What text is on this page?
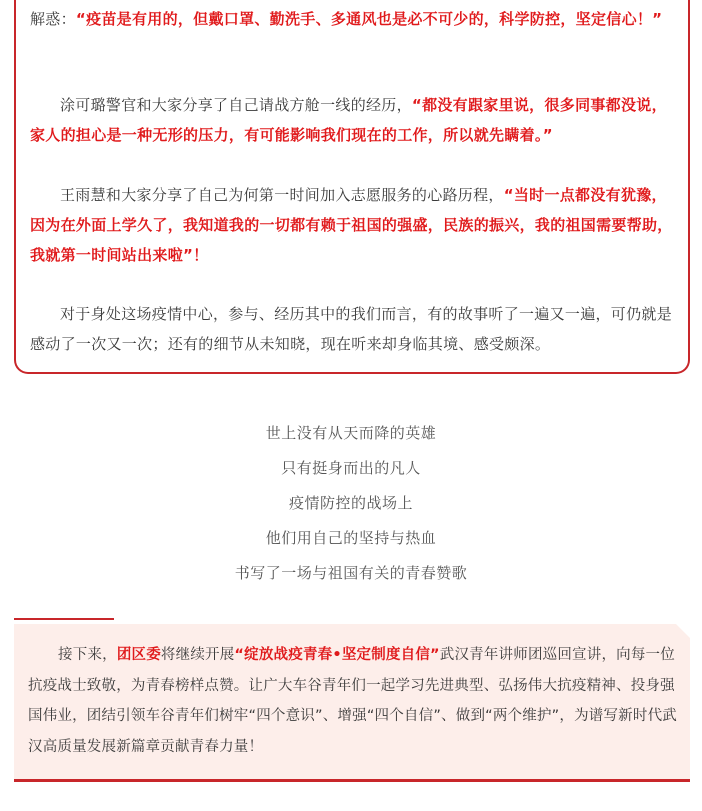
解惑：“疫苗是有用的，但戴口罩、勤洗手、多通风也是必不可少的，科学防控，坚定信心！”

涂可璐警官和大家分享了自己请战方舱一线的经历，“都没有跟家里说，很多同事都没说，家人的担心是一种无形的压力，有可能影响我们现在的工作，所以就先瞒着。”

王雨慧和大家分享了自己为何第一时间加入志愿服务的心路历程，“当时一点都没有犹豫，因为在外面上学久了，我知道我的一切都有赖于祖国的强盛，民族的振兴，我的祖国需要帮助，我就第一时间站出来啦”！

对于身处这场疫情中心，参与、经历其中的我们而言，有的故事听了一遍又一遍，可仍就是感动了一次又一次；还有的细节从未知晓，现在听来却身临其境、感受颇深。

世上没有从天而降的英雄
只有挺身而出的凡人
疫情防控的战场上
他们用自己的坚持与热血
书写了一场与祖国有关的青春赞歌

接下来，团区委将继续开展“绽放战疫青春•坚定制度自信”武汉青年讲师团巡回宣讲，向每一位抗疫战士致敬，为青春榜样点赞。让广大车谷青年们一起学习先进典型、弘扬伟大抗疫精神、投身强国伟业，团结引领车谷青年们树牢“四个意识”、增强“四个自信”、做到“两个维护”，为谱写新时代武汉高质量发展新篇章贡献青春力量！
